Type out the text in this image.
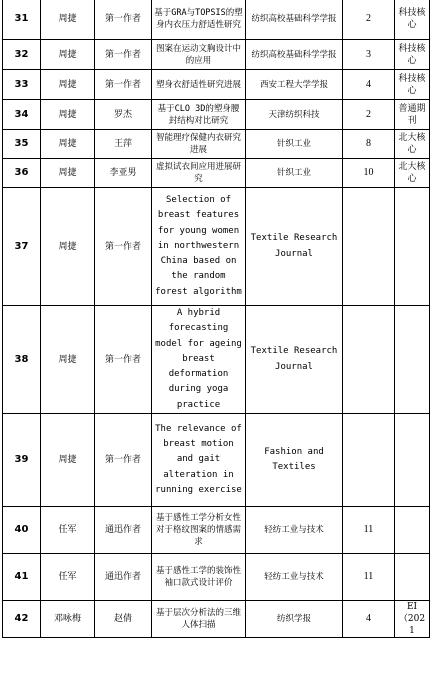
31	周捷	第一作者	基于GRA与TOPSIS的塑身内衣压力舒适性研究	纺织高校基础科学学报	2	科技核心
32	周捷	第一作者	图案在运动文胸设计中的应用	纺织高校基础科学学报	3	科技核心
33	周捷	第一作者	塑身衣舒适性研究进展	西安工程大学学报	4	科技核心
34	周捷	罗杰	基于CLO 3D的塑身腰封结构对比研究	天津纺织科技	2	普通期刊
35	周捷	王萍	智能理疗保健内衣研究进展	针织工业	8	北大核心
36	周捷	李亚男	虚拟试衣间应用进展研究	针织工业	10	北大核心
37	周捷	第一作者	Selection of breast features for young women in northwestern China based on the random forest algorithm	Textile Research Journal		
38	周捷	第一作者	A hybrid forecasting model for ageing breast deformation during yoga practice	Textile Research Journal		
39	周捷	第一作者	The relevance of breast motion and gait alteration in running exercise	Fashion and Textiles		
40	任军	通迅作者	基于感性工学分析女性对于格纹图案的情感需求	轻纺工业与技术	11	
41	任军	通迅作者	基于感性工学的装饰性袖口款式设计评价	轻纺工业与技术	11	
42	邓咏梅	赵倩	基于层次分析法的三维人体扫描	纺织学报	4	EI（2021
